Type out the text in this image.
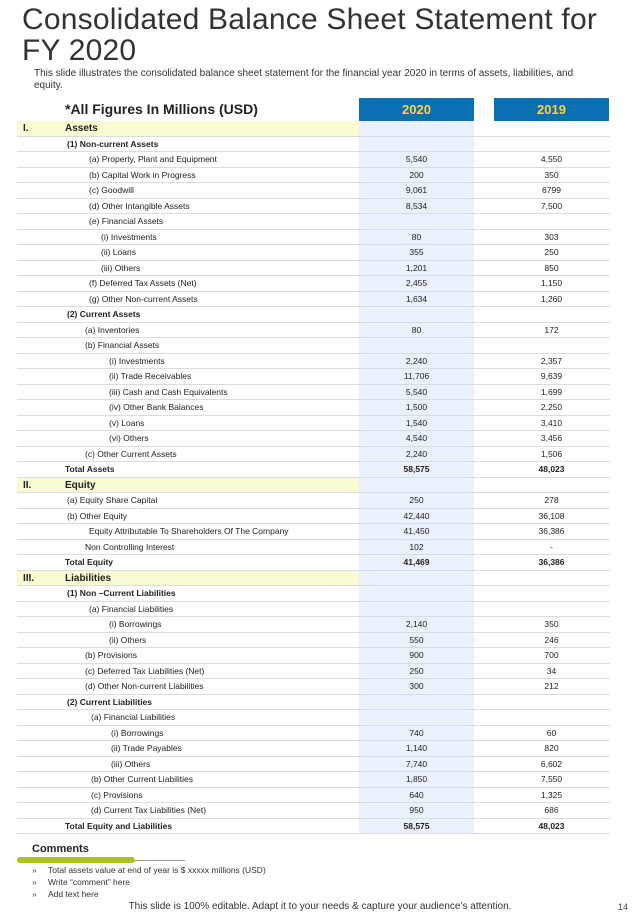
Consolidated Balance Sheet Statement for FY 2020
This slide illustrates the consolidated balance sheet statement for the financial year 2020 in terms of assets, liabilities, and equity.
*All Figures In Millions (USD)	2020	2019
I.	Assets
(1) Non-current Assets
(a) Property, Plant and Equipment	5,540	4,550
(b) Capital Work in Progress	200	350
(c) Goodwill	9,061	6799
(d) Other Intangible Assets	8,534	7,500
(e) Financial Assets
(i) Investments	80	303
(ii) Loans	355	250
(iii) Others	1,201	850
(f) Deferred Tax Assets (Net)	2,455	1,150
(g) Other Non-current Assets	1,634	1,260
(2) Current Assets
(a) Inventories	80	172
(b) Financial Assets
(i) Investments	2,240	2,357
(ii) Trade Receivables	11,706	9,639
(iii) Cash and Cash Equivalents	5,540	1,699
(iv) Other Bank Balances	1,500	2,250
(v) Loans	1,540	3,410
(vi) Others	4,540	3,456
(c) Other Current Assets	2,240	1,506
Total Assets	58,575	48,023
II.	Equity
(a) Equity Share Capital	250	278
(b) Other Equity	42,440	36,108
Equity Attributable To Shareholders Of The Company	41,450	36,386
Non Controlling Interest	102	-
Total Equity	41,469	36,386
III.	Liabilities
(1) Non –Current Liabilities
(a) Financial Liabilities
(i) Borrowings	2,140	350
(ii) Others	550	246
(b) Provisions	900	700
(c) Deferred Tax Liabilities (Net)	250	34
(d) Other Non-current Liabilities	300	212
(2) Current Liabilities
(a) Financial Liabilities
(i) Borrowings	740	60
(ii) Trade Payables	1,140	820
(iii) Others	7,740	6,602
(b) Other Current Liabilities	1,850	7,550
(c) Provisions	640	1,325
(d) Current Tax Liabilities (Net)	950	686
Total Equity and Liabilities	58,575	48,023
Comments
» Total assets value at end of year is $ xxxxx millions (USD)
» Write “comment” here
» Add text here
This slide is 100% editable. Adapt it to your needs & capture your audience’s attention.	14
